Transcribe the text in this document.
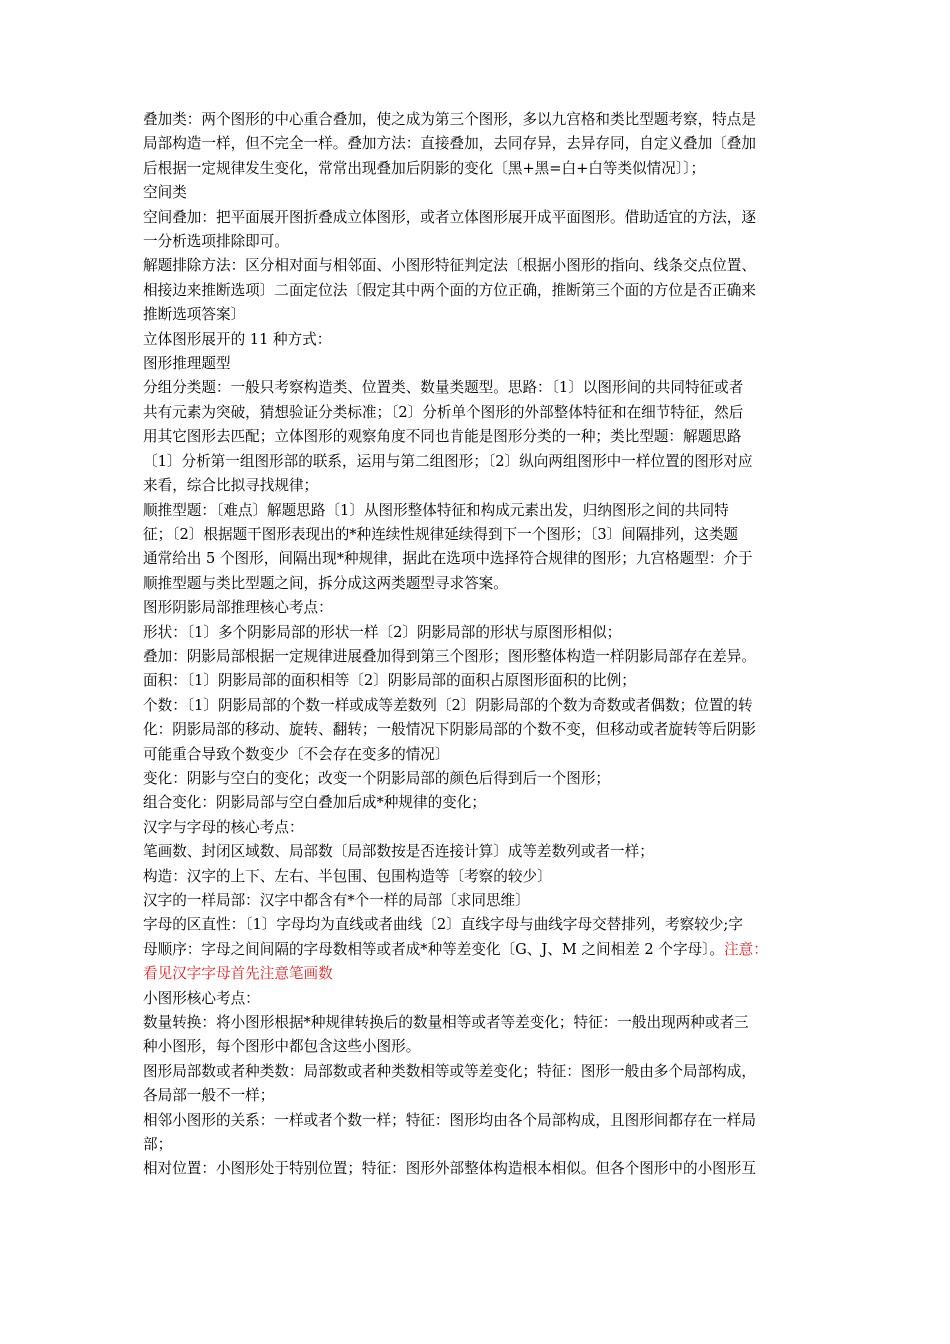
叠加类：两个图形的中心重合叠加，使之成为第三个图形，多以九宫格和类比型题考察，特点是
局部构造一样，但不完全一样。叠加方法：直接叠加，去同存异，去异存同，自定义叠加〔叠加
后根据一定规律发生变化，常常出现叠加后阴影的变化〔黑+黑=白+白等类似情况〕〕；
空间类
空间叠加：把平面展开图折叠成立体图形，或者立体图形展开成平面图形。借助适宜的方法，逐
一分析选项排除即可。
解题排除方法：区分相对面与相邻面、小图形特征判定法〔根据小图形的指向、线条交点位置、
相接边来推断选项〕二面定位法〔假定其中两个面的方位正确，推断第三个面的方位是否正确来
推断选项答案〕
立体图形展开的 11 种方式：
图形推理题型
分组分类题：一般只考察构造类、位置类、数量类题型。思路：〔1〕以图形间的共同特征或者
共有元素为突破，猜想验证分类标准；〔2〕分析单个图形的外部整体特征和在细节特征，然后
用其它图形去匹配；立体图形的观察角度不同也肯能是图形分类的一种；类比型题：解题思路
〔1〕分析第一组图形部的联系，运用与第二组图形；〔2〕纵向两组图形中一样位置的图形对应
来看，综合比拟寻找规律；
顺推型题：〔难点〕解题思路〔1〕从图形整体特征和构成元素出发，归纳图形之间的共同特
征；〔2〕根据题干图形表现出的*种连续性规律延续得到下一个图形；〔3〕间隔排列，这类题
通常给出 5 个图形，间隔出现*种规律，据此在选项中选择符合规律的图形；九宫格题型：介于
顺推型题与类比型题之间，拆分成这两类题型寻求答案。
图形阴影局部推理核心考点：
形状：〔1〕多个阴影局部的形状一样〔2〕阴影局部的形状与原图形相似；
叠加：阴影局部根据一定规律进展叠加得到第三个图形；图形整体构造一样阴影局部存在差异。
面积：〔1〕阴影局部的面积相等〔2〕阴影局部的面积占原图形面积的比例；
个数：〔1〕阴影局部的个数一样或成等差数列〔2〕阴影局部的个数为奇数或者偶数；位置的转
化：阴影局部的移动、旋转、翻转；一般情况下阴影局部的个数不变，但移动或者旋转等后阴影
可能重合导致个数变少〔不会存在变多的情况〕
变化：阴影与空白的变化；改变一个阴影局部的颜色后得到后一个图形；
组合变化：阴影局部与空白叠加后成*种规律的变化；
汉字与字母的核心考点：
笔画数、封闭区域数、局部数〔局部数按是否连接计算〕成等差数列或者一样；
构造：汉字的上下、左右、半包围、包围构造等〔考察的较少〕
汉字的一样局部：汉字中都含有*个一样的局部〔求同思维〕
字母的区直性：〔1〕字母均为直线或者曲线〔2〕直线字母与曲线字母交替排列，考察较少;字
母顺序：字母之间间隔的字母数相等或者成*种等差变化〔G、J、M 之间相差 2 个字母〕。注意：
看见汉字字母首先注意笔画数
小图形核心考点：
数量转换：将小图形根据*种规律转换后的数量相等或者等差变化；特征：一般出现两种或者三
种小图形，每个图形中都包含这些小图形。
图形局部数或者种类数：局部数或者种类数相等或等差变化；特征：图形一般由多个局部构成，
各局部一般不一样；
相邻小图形的关系：一样或者个数一样；特征：图形均由各个局部构成，且图形间都存在一样局
部；
相对位置：小图形处于特别位置；特征：图形外部整体构造根本相似。但各个图形中的小图形互
